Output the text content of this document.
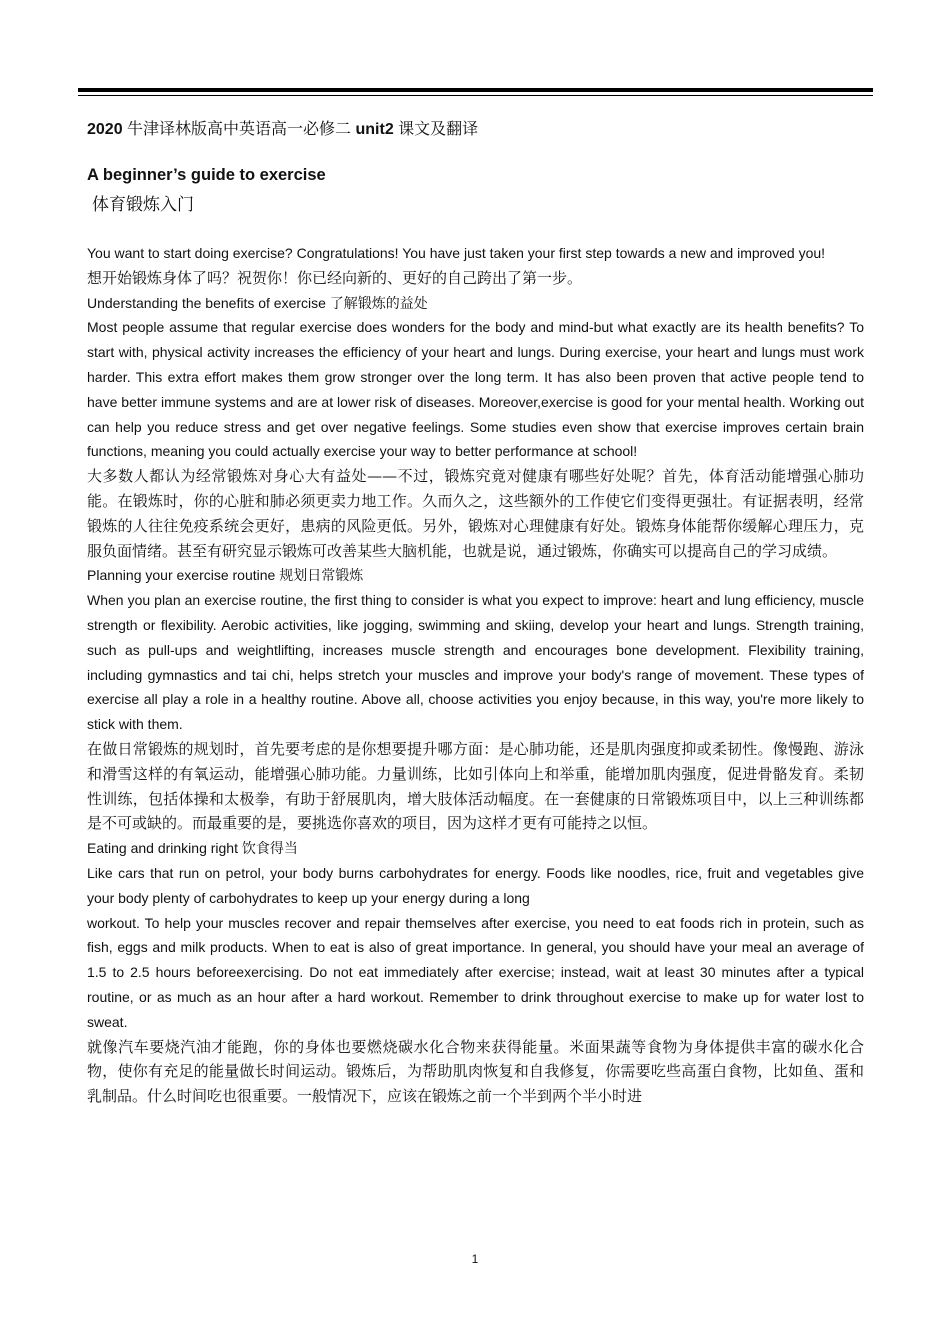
2020 牛津译林版高中英语高一必修二 unit2 课文及翻译
A beginner’s guide to exercise
体育锻炼入门

You want to start doing exercise? Congratulations! You have just taken your first step towards a new and improved you!

想开始锻炼身体了吗？祝贺你！你已经向新的、更好的自己跨出了第一步。

Understanding the benefits of exercise 了解锻炼的益处

Most people assume that regular exercise does wonders for the body and mind-but what exactly are its health benefits? To start with, physical activity increases the efficiency of your heart and lungs. During exercise, your heart and lungs must work harder. This extra effort makes them grow stronger over the long term. It has also been proven that active people tend to have better immune systems and are at lower risk of diseases. Moreover,exercise is good for your mental health. Working out can help you reduce stress and get over negative feelings. Some studies even show that exercise improves certain brain functions, meaning you could actually exercise your way to better performance at school!

大多数人都认为经常锻炼对身心大有益处——不过，锻炼究竟对健康有哪些好处呢？首先，体育活动能增强心肺功能。在锻炼时，你的心脏和肺必须更卖力地工作。久而久之，这些额外的工作使它们变得更强壮。有证据表明，经常锻炼的人往往免疫系统会更好，患病的风险更低。另外，锻炼对心理健康有好处。锻炼身体能帮你缓解心理压力，克服负面情绪。甚至有研究显示锻炼可改善某些大脑机能，也就是说，通过锻炼，你确实可以提高自己的学习成绩。

Planning your exercise routine 规划日常锻炼

When you plan an exercise routine, the first thing to consider is what you expect to improve: heart and lung efficiency, muscle strength or flexibility. Aerobic activities, like jogging, swimming and skiing, develop your heart and lungs. Strength training, such as pull-ups and weightlifting, increases muscle strength and encourages bone development. Flexibility training, including gymnastics and tai chi, helps stretch your muscles and improve your body's range of movement. These types of exercise all play a role in a healthy routine. Above all, choose activities you enjoy because, in this way, you're more likely to stick with them.

在做日常锻炼的规划时，首先要考虑的是你想要提升哪方面：是心肺功能，还是肌肉强度抑或柔韧性。像慢跑、游泳和滑雪这样的有氧运动，能增强心肺功能。力量训练，比如引体向上和举重，能增加肌肉强度，促进骨骼发育。柔韧性训练，包括体操和太极拳，有助于舒展肌肉，增大肢体活动幅度。在一套健康的日常锻炼项目中，以上三种训练都是不可或缺的。而最重要的是，要挑选你喜欢的项目，因为这样才更有可能持之以恒。

Eating and drinking right 饮食得当

Like cars that run on petrol, your body burns carbohydrates for energy. Foods like noodles, rice, fruit and vegetables give your body plenty of carbohydrates to keep up your energy during a long

workout. To help your muscles recover and repair themselves after exercise, you need to eat foods rich in protein, such as fish, eggs and milk products. When to eat is also of great importance. In general, you should have your meal an average of 1.5 to 2.5 hours beforeexercising. Do not eat immediately after exercise; instead, wait at least 30 minutes after a typical routine, or as much as an hour after a hard workout. Remember to drink throughout exercise to make up for water lost to sweat.

就像汽车要烧汽油才能跑，你的身体也要燃烧碳水化合物来获得能量。米面果蔬等食物为身体提供丰富的碳水化合物，使你有充足的能量做长时间运动。锻炼后，为帮助肌肉恢复和自我修复，你需要吃些高蛋白食物，比如鱼、蛋和乳制品。什么时间吃也很重要。一般情况下，应该在锻炼之前一个半到两个半小时进

1
